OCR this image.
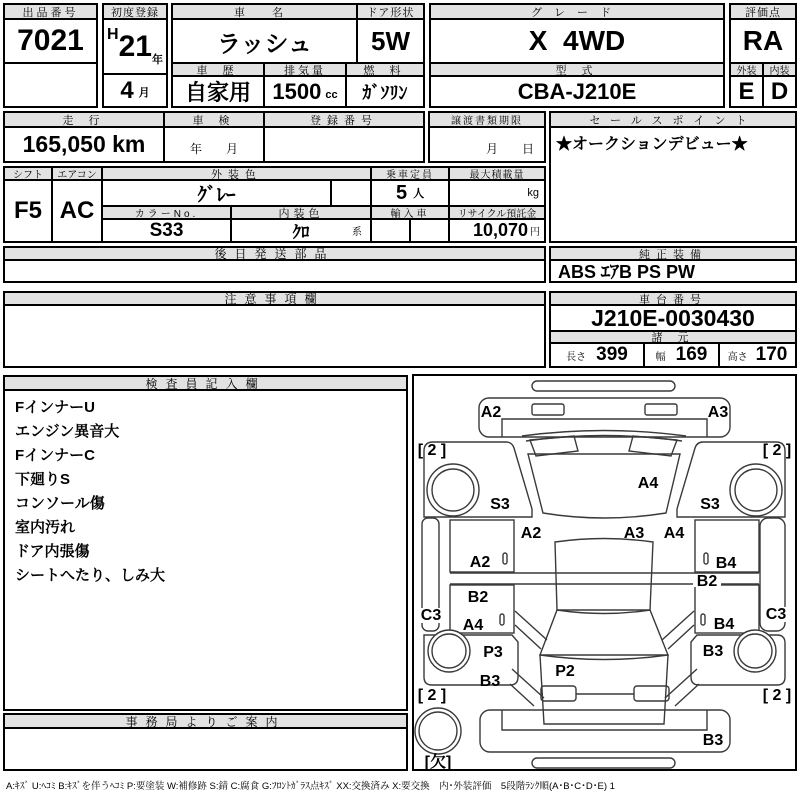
出品番号
7021
初度登録
H 21 年
4 月
車 名
ラッシュ
ドア形状
5W
車 歴
自家用
排気量
1500 cc
燃 料
ｶﾞｿﾘﾝ
グレード
X  4WD
型 式
CBA-J210E
評価点
RA
外装	内装
E D
走 行
165,050 km
車 検
年　　月
登録番号	譲渡書類期限
月　　日
セールスポイント
★オークションデビュー★
シフト	エアコン
F5 AC
外装色
ｸﾞﾚｰ
乗車定員
5 人
最大積載量
kg
カラーNo.
S33
内装色
ｸﾛ	系
輸入車	リサイクル預託金
10,070 円
後日発送部品	純正装備
ABS ｴｱB PS PW
注意事項欄	車台番号
J210E-0030430
諸 元
長さ 399	幅 169 高さ 170
検査員記入欄
FインナーU
エンジン異音大
FインナーC
下廻りS
コンソール傷
室内汚れ
ドア内張傷
シートへたり、しみ大
事務局よりご案内
A2	A3
[ 2 ]	[ 2 ]
S3	S3
A4
A2	A3 A4
A2	B4
B2
B2
A4	B4
C3	C3
P3	B3
B3
P2
B3
[ 2 ]	[ 2 ]
[欠]
A:ｷｽﾞ U:ﾍｺﾐ B:ｷｽﾞを伴うﾍｺﾐ P:要塗装 W:補修跡 S:錆 C:腐食 G:ﾌﾛﾝﾄｶﾞﾗｽ点ｷｽﾞ XX:交換済み X:要交換　内･外装評価　5段階ﾗﾝｸ順(A･B･C･D･E) 1
